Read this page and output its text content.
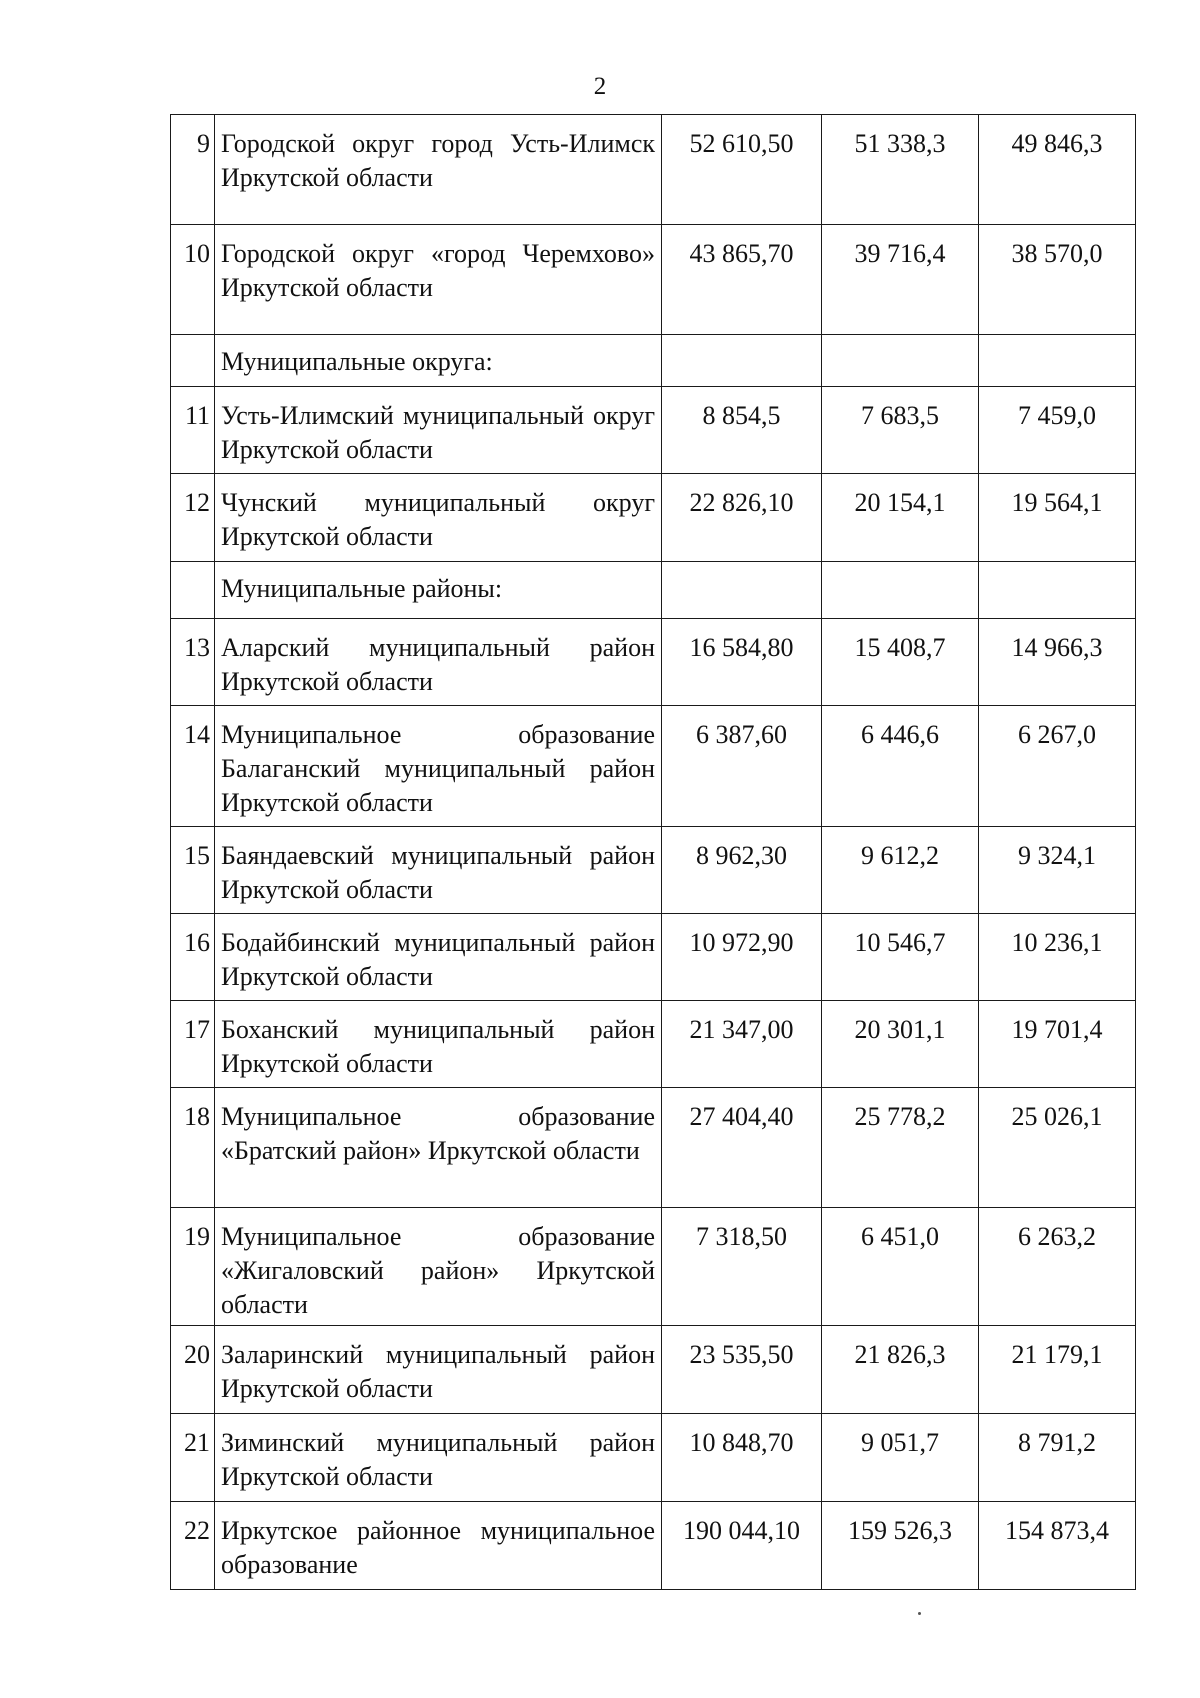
2
9	Городской округ город Усть-Илимск Иркутской области	52 610,50	51 338,3	49 846,3
10	Городской округ «город Черемхово» Иркутской области	43 865,70	39 716,4	38 570,0
	Муниципальные округа:			
11	Усть-Илимский муниципальный округ Иркутской области	8 854,5	7 683,5	7 459,0
12	Чунский муниципальный округ Иркутской области	22 826,10	20 154,1	19 564,1
	Муниципальные районы:			
13	Аларский муниципальный район Иркутской области	16 584,80	15 408,7	14 966,3
14	Муниципальное образование Балаганский муниципальный район Иркутской области	6 387,60	6 446,6	6 267,0
15	Баяндаевский муниципальный район Иркутской области	8 962,30	9 612,2	9 324,1
16	Бодайбинский муниципальный район Иркутской области	10 972,90	10 546,7	10 236,1
17	Боханский муниципальный район Иркутской области	21 347,00	20 301,1	19 701,4
18	Муниципальное образование «Братский район» Иркутской области	27 404,40	25 778,2	25 026,1
19	Муниципальное образование «Жигаловский район» Иркутской области	7 318,50	6 451,0	6 263,2
20	Заларинский муниципальный район Иркутской области	23 535,50	21 826,3	21 179,1
21	Зиминский муниципальный район Иркутской области	10 848,70	9 051,7	8 791,2
22	Иркутское районное муниципальное образование	190 044,10	159 526,3	154 873,4
